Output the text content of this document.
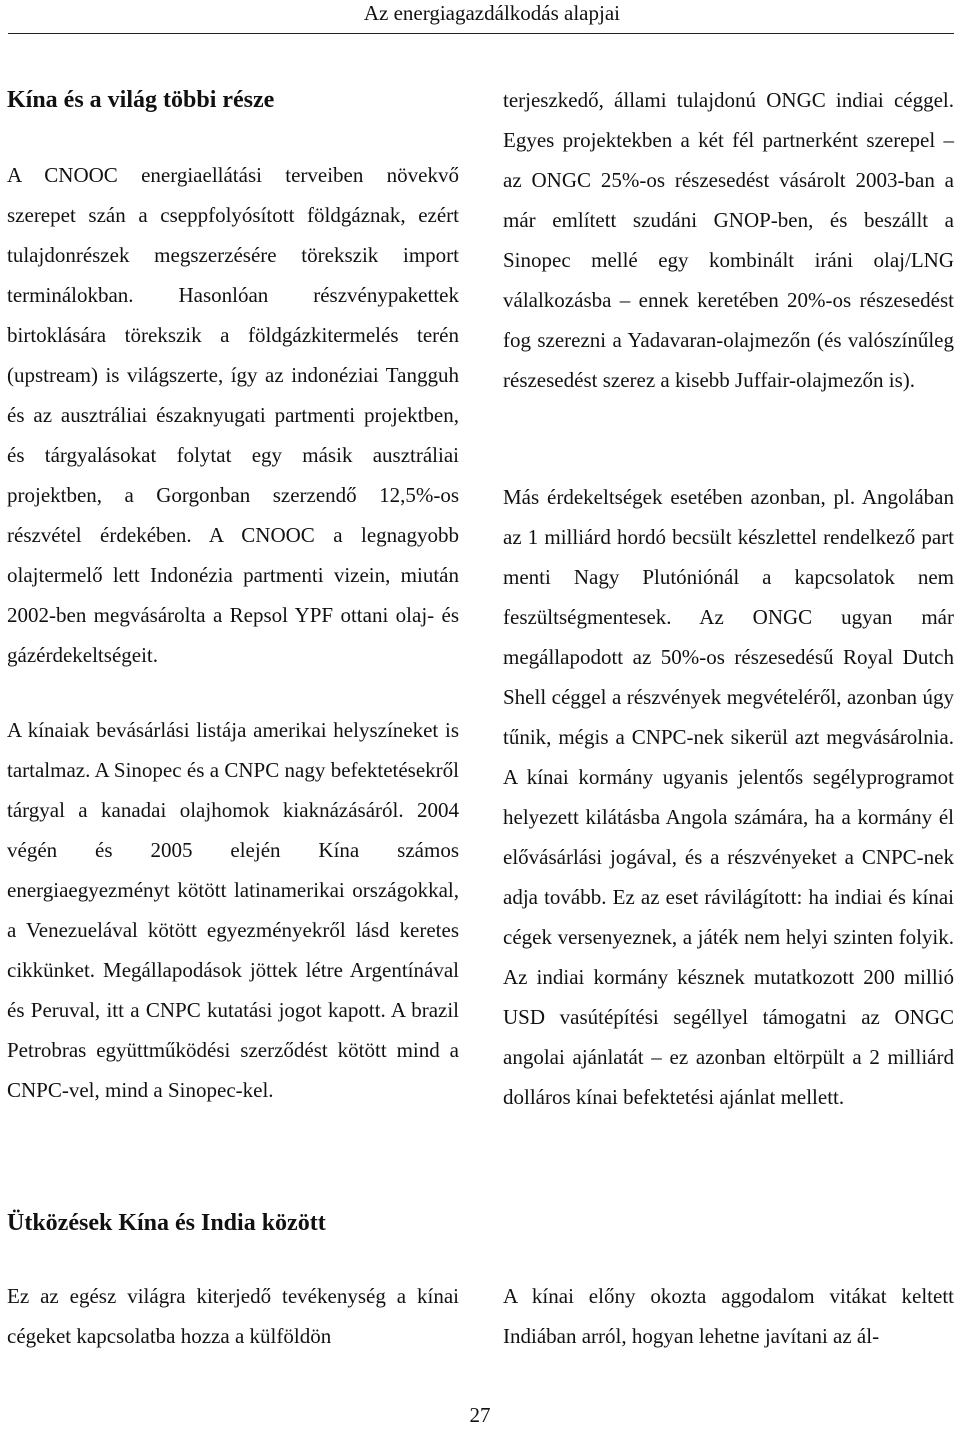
Az energiagazdálkodás alapjai
Kína és a világ többi része

A CNOOC energiaellátási terveiben növekvő szerepet szán a cseppfolyósított földgáznak, ezért tulajdonrészek megszerzésére törekszik import terminálokban. Hasonlóan részvénypakettek birtoklására törekszik a földgázkitermelés terén (upstream) is világszerte, így az indonéziai Tangguh és az ausztráliai északnyugati partmenti projektben, és tárgyalásokat folytat egy másik ausztráliai projektben, a Gorgonban szerzendő 12,5%-os részvétel érdekében. A CNOOC a legnagyobb olajtermelő lett Indonézia partmenti vizein, miután 2002-ben megvásárolta a Repsol YPF ottani olaj- és gázérdekeltségeit.

A kínaiak bevásárlási listája amerikai helyszíneket is tartalmaz. A Sinopec és a CNPC nagy befektetésekről tárgyal a kanadai olajhomok kiaknázásáról. 2004 végén és 2005 elején Kína számos energiaegyezményt kötött latinamerikai országokkal, a Venezuelával kötött egyezményekről lásd keretes cikkünket. Megállapodások jöttek létre Argentínával és Peruval, itt a CNPC kutatási jogot kapott. A brazil Petrobras együttműködési szerződést kötött mind a CNPC-vel, mind a Sinopec-kel.

Ütközések Kína és India között

Ez az egész világra kiterjedő tevékenység a kínai cégeket kapcsolatba hozza a külföldön

terjeszkedő, állami tulajdonú ONGC indiai céggel. Egyes projektekben a két fél partnerként szerepel – az ONGC 25%-os részesedést vásárolt 2003-ban a már említett szudáni GNOP-ben, és beszállt a Sinopec mellé egy kombinált iráni olaj/LNG válalkozásba – ennek keretében 20%-os részesedést fog szerezni a Yadavaran-olajmezőn (és valószínűleg részesedést szerez a kisebb Juffair-olajmezőn is).

Más érdekeltségek esetében azonban, pl. Angolában az 1 milliárd hordó becsült készlettel rendelkező part menti Nagy Plutóniónál a kapcsolatok nem feszültségmentesek. Az ONGC ugyan már megállapodott az 50%-os részesedésű Royal Dutch Shell céggel a részvények megvételéről, azonban úgy tűnik, mégis a CNPC-nek sikerül azt megvásárolnia. A kínai kormány ugyanis jelentős segélyprogramot helyezett kilátásba Angola számára, ha a kormány él elővásárlási jogával, és a részvényeket a CNPC-nek adja tovább. Ez az eset rávilágított: ha indiai és kínai cégek versenyeznek, a játék nem helyi szinten folyik. Az indiai kormány késznek mutatkozott 200 millió USD vasútépítési segéllyel támogatni az ONGC angolai ajánlatát – ez azonban eltörpült a 2 milliárd dolláros kínai befektetési ajánlat mellett.

A kínai előny okozta aggodalom vitákat keltett Indiában arról, hogyan lehetne javítani az ál-

27
